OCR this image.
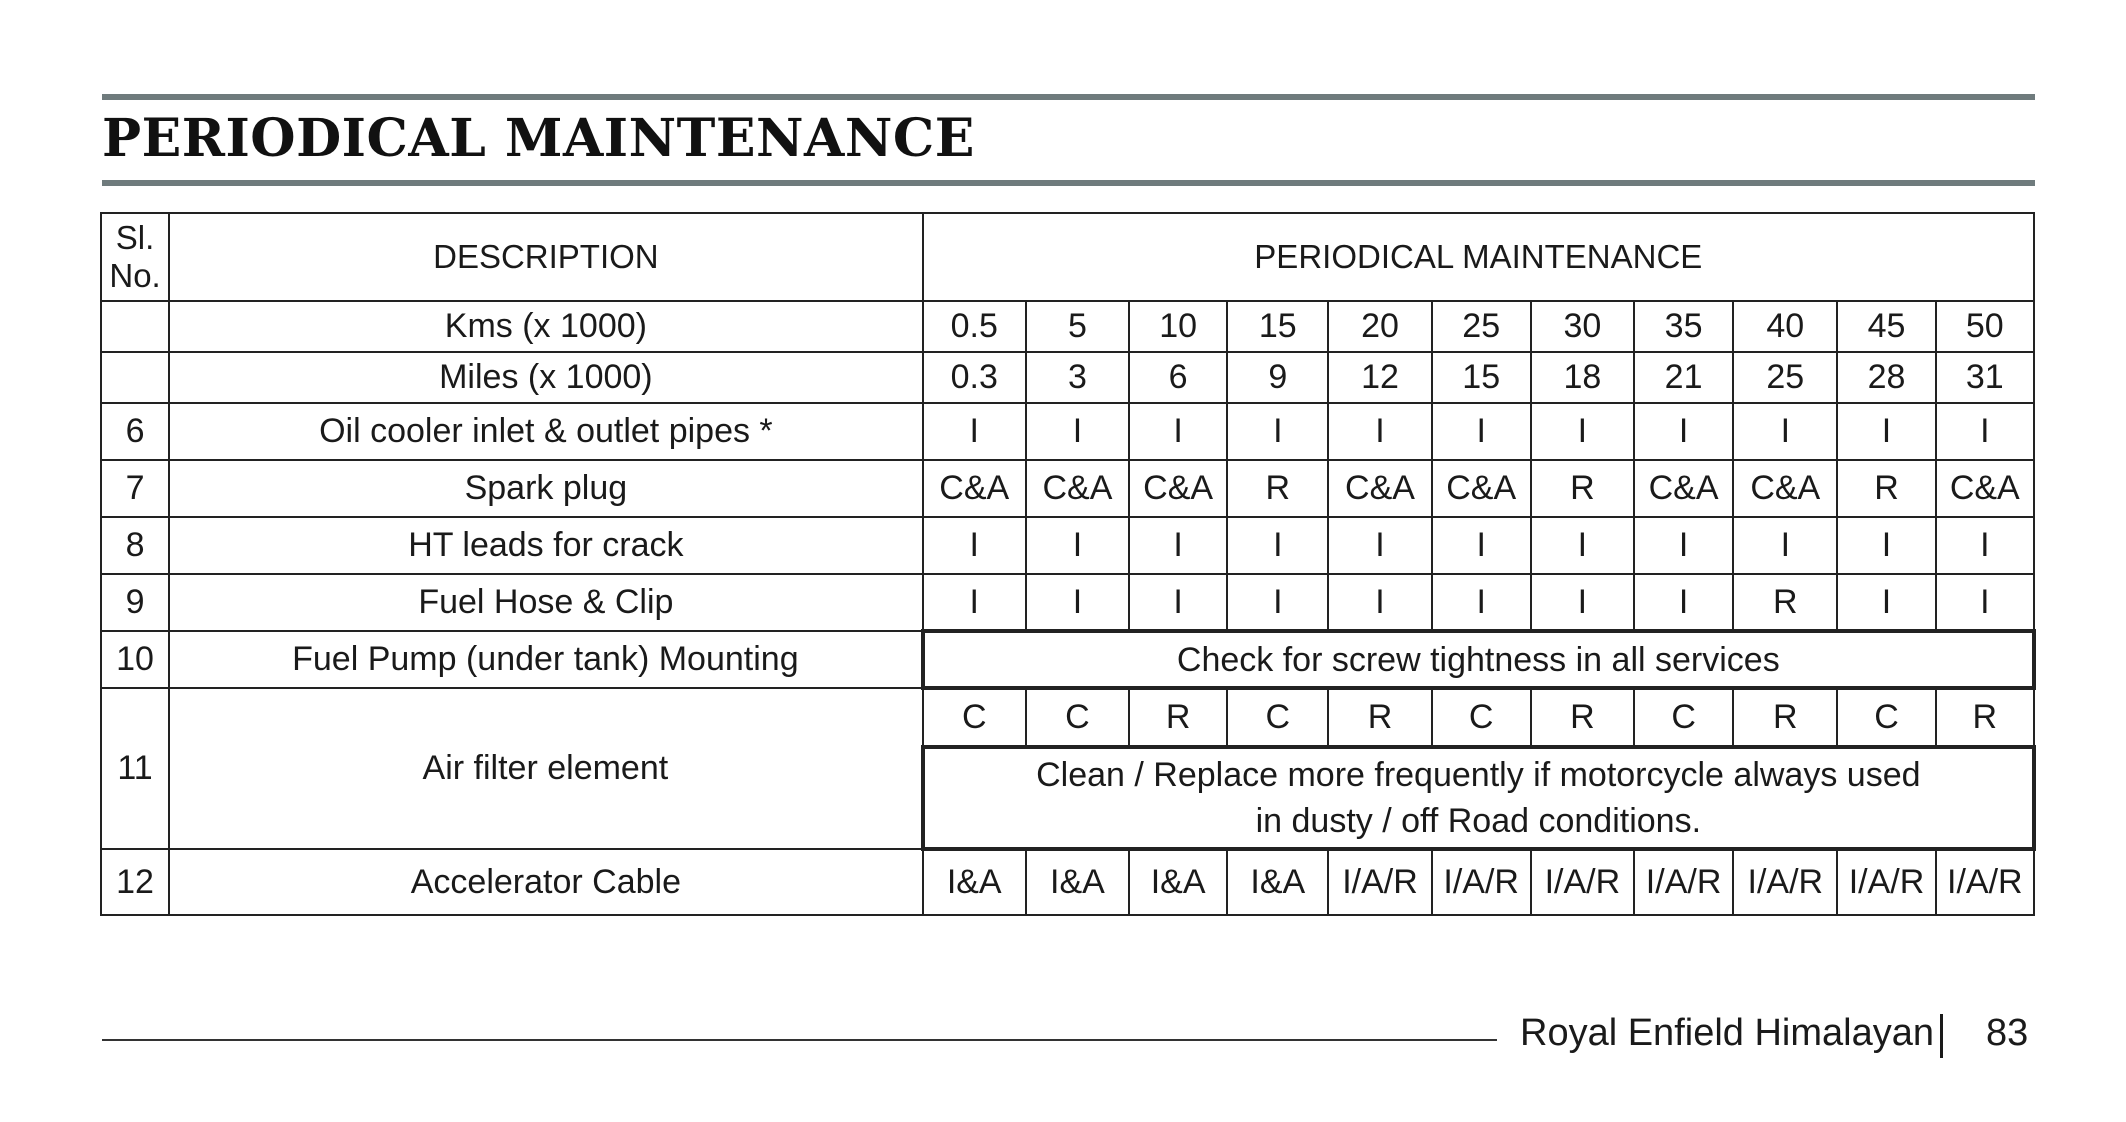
PERIODICAL MAINTENANCE
Sl.
No.	DESCRIPTION	PERIODICAL MAINTENANCE										
	Kms (x 1000)	0.5	5	10	15	20	25	30	35	40	45	50
	Miles (x 1000)	0.3	3	6	9	12	15	18	21	25	28	31
6	Oil cooler inlet & outlet pipes *	I	I	I	I	I	I	I	I	I	I	I
7	Spark plug	C&A	C&A	C&A	R	C&A	C&A	R	C&A	C&A	R	C&A
8	HT leads for crack	I	I	I	I	I	I	I	I	I	I	I
9	Fuel Hose & Clip	I	I	I	I	I	I	I	I	R	I	I
10	Fuel Pump (under tank) Mounting	Check for screw tightness in all services										
11	Air filter element	C	C	R	C	R	C	R	C	R	C	R
		Clean / Replace more frequently if motorcycle always used
in dusty / off Road conditions.										
12	Accelerator Cable	I&A	I&A	I&A	I&A	I/A/R	I/A/R	I/A/R	I/A/R	I/A/R	I/A/R	I/A/R
Royal Enfield Himalayan 83
